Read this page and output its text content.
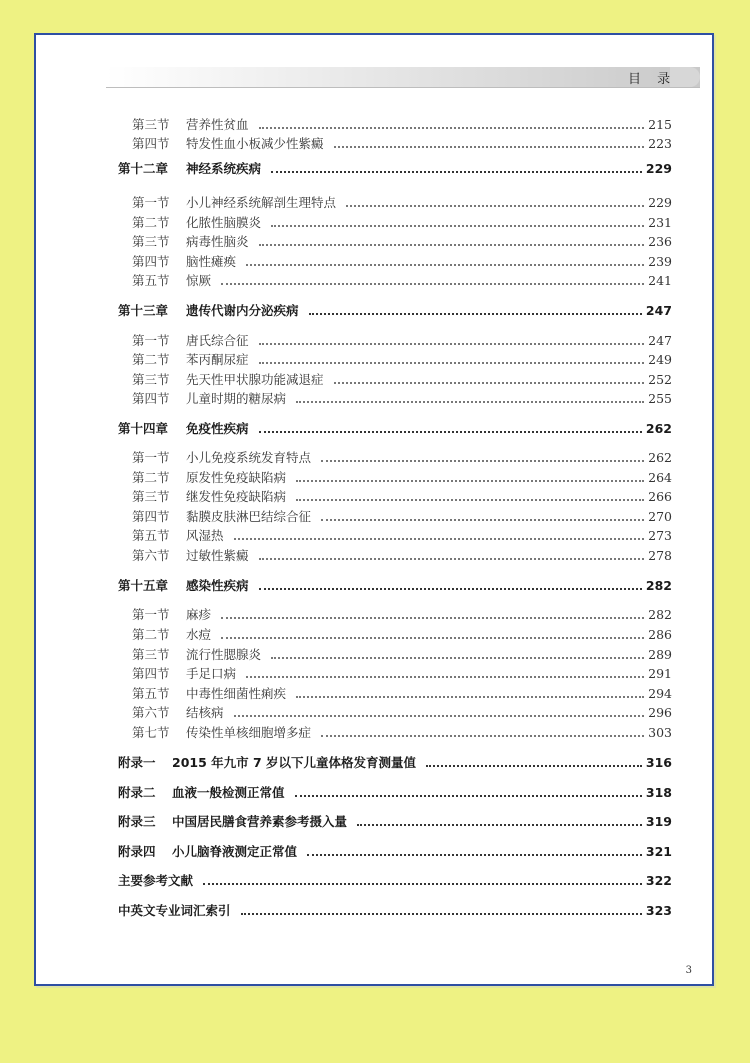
目 录
第三节	营养性贫血	215
第四节	特发性血小板减少性紫癜	223
第十二章	神经系统疾病	229
第一节	小儿神经系统解剖生理特点	229
第二节	化脓性脑膜炎	231
第三节	病毒性脑炎	236
第四节	脑性瘫痪	239
第五节	惊厥	241
第十三章	遗传代谢内分泌疾病	247
第一节	唐氏综合征	247
第二节	苯丙酮尿症	249
第三节	先天性甲状腺功能减退症	252
第四节	儿童时期的糖尿病	255
第十四章	免疫性疾病	262
第一节	小儿免疫系统发育特点	262
第二节	原发性免疫缺陷病	264
第三节	继发性免疫缺陷病	266
第四节	黏膜皮肤淋巴结综合征	270
第五节	风湿热	273
第六节	过敏性紫癜	278
第十五章	感染性疾病	282
第一节	麻疹	282
第二节	水痘	286
第三节	流行性腮腺炎	289
第四节	手足口病	291
第五节	中毒性细菌性痢疾	294
第六节	结核病	296
第七节	传染性单核细胞增多症	303
附录一	2015 年九市 7 岁以下儿童体格发育测量值	316
附录二	血液一般检测正常值	318
附录三	中国居民膳食营养素参考摄入量	319
附录四	小儿脑脊液测定正常值	321
主要参考文献	322
中英文专业词汇索引	323
3
